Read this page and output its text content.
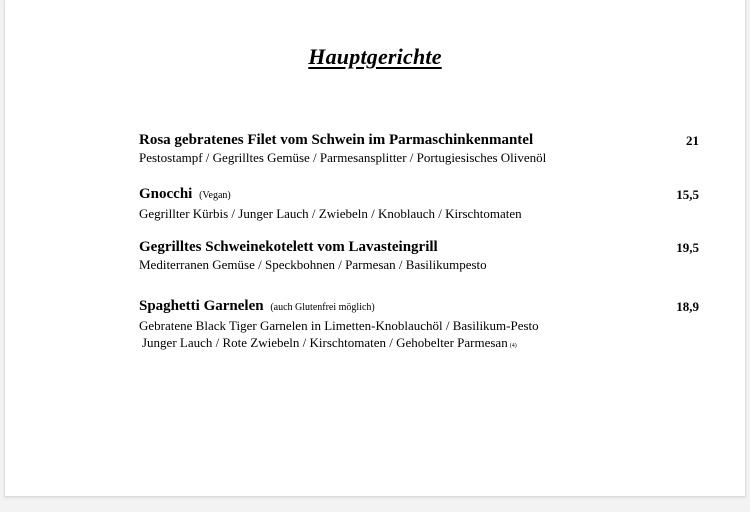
Hauptgerichte
Rosa gebratenes Filet vom Schwein im Parmaschinkenmantel	21
Pestostampf / Gegrilltes Gemüse / Parmesansplitter / Portugiesisches Olivenöl
Gnocchi (Vegan)	15,5
Gegrillter Kürbis / Junger Lauch / Zwiebeln / Knoblauch / Kirschtomaten
Gegrilltes Schweinekotelett vom Lavasteingrill	19,5
Mediterranen Gemüse / Speckbohnen / Parmesan / Basilikumpesto
Spaghetti Garnelen (auch Glutenfrei möglich)	18,9
Gebratene Black Tiger Garnelen in Limetten-Knoblauchöl / Basilikum-Pesto
Junger Lauch / Rote Zwiebeln / Kirschtomaten / Gehobelter Parmesan (4)
